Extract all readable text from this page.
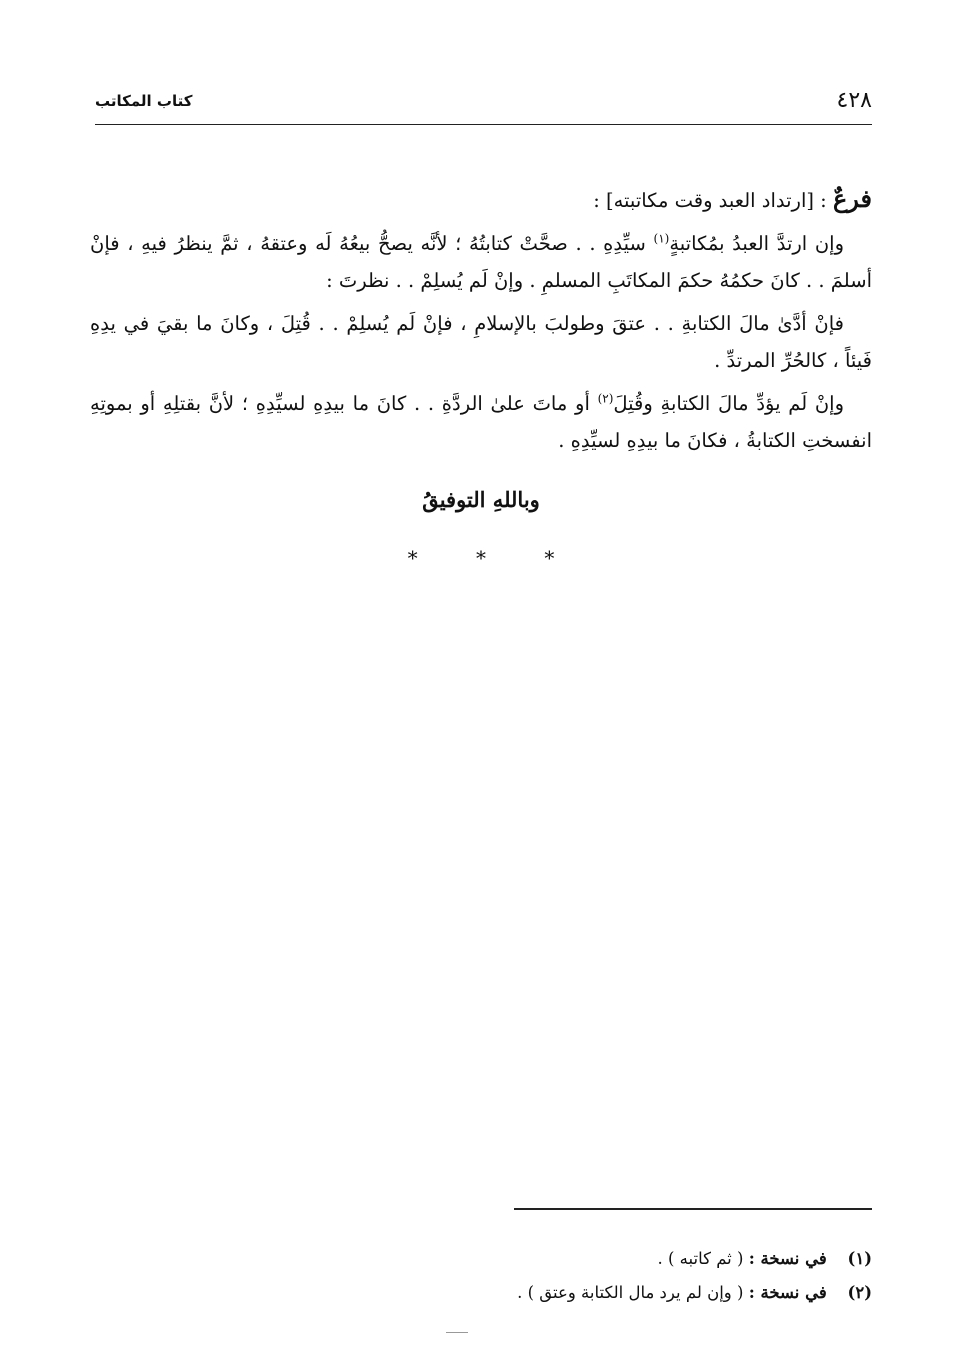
٤٢٨
كتاب المكاتب

فرعٌ : [ارتداد العبد وقت مكاتبته] :

وإن ارتدَّ العبدُ بمُكاتبةٍ$^{(١)}$ سيِّدِهِ . . صحَّتْ كتابتُهُ ؛ لأنَّه يصحُّ بيعُهُ لَه وعتقهُ ، ثمَّ ينظرُ فيهِ ، فإنْ أسلمَ . . كانَ حكمُهُ حكمَ المكاتَبِ المسلمِ . وإنْ لَم يُسلِمْ . . نظرتَ :

فإنْ أدَّىٰ مالَ الكتابةِ . . عتقَ وطولبَ بالإسلامِ ، فإنْ لَم يُسلِمْ . . قُتِلَ ، وكانَ ما بقيَ في يدِهِ فَيئاً ، كالحُرِّ المرتدِّ .

وإنْ لَم يؤدِّ مالَ الكتابةِ وقُتِلَ$^{(٢)}$ أو ماتَ علىٰ الردَّةِ . . كانَ ما بيدِهِ لسيِّدِهِ ؛ لأنَّ بقتلِهِ أو بموتِهِ انفسختِ الكتابةُ ، فكانَ ما بيدِهِ لسيِّدِهِ .

وباللهِ التوفيقُ
* * *
(١) في نسخة : ( ثم كاتبه ) .
(٢) في نسخة : ( وإن لم يرد مال الكتابة وعتق ) .
